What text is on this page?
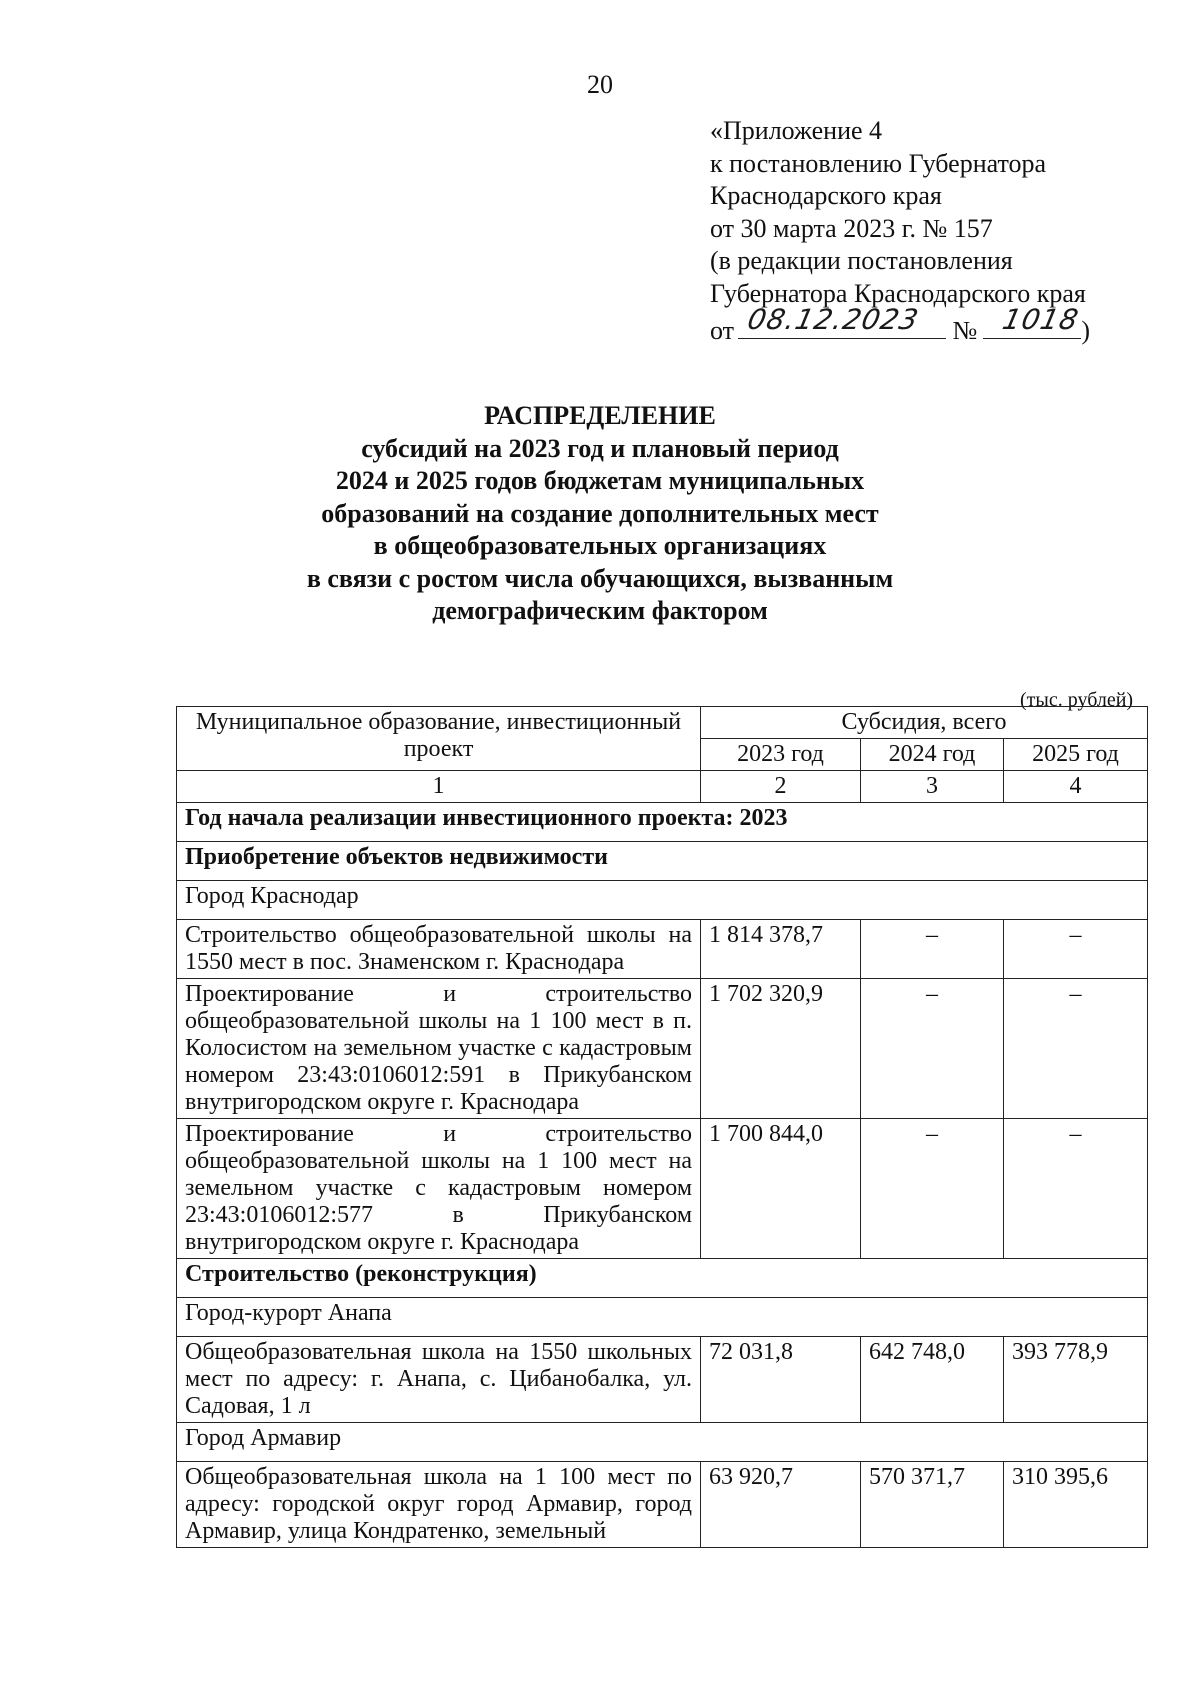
20
«Приложение 4
к постановлению Губернатора
Краснодарского края
от 30 марта 2023 г. № 157
(в редакции постановления
Губернатора Краснодарского края
от 08.12.2023 № 1018 )
РАСПРЕДЕЛЕНИЕ
субсидий на 2023 год и плановый период
2024 и 2025 годов бюджетам муниципальных
образований на создание дополнительных мест
в общеобразовательных организациях
в связи с ростом числа обучающихся, вызванным
демографическим фактором
(тыс. рублей)
Муниципальное образование, инвестиционный проект	Субсидия, всего		
	2023 год	2024 год	2025 год
1	2	3	4
Год начала реализации инвестиционного проекта: 2023			
Приобретение объектов недвижимости			
Город Краснодар			
Строительство общеобразовательной школы на 1550 мест в пос. Знаменском г. Краснодара	1 814 378,7	–	–
Проектирование и строительство общеобразовательной школы на 1 100 мест в п. Колосистом на земельном участке с кадастровым номером 23:43:0106012:591 в Прикубанском внутригородском округе г. Краснодара	1 702 320,9	–	–
Проектирование и строительство общеобразовательной школы на 1 100 мест на земельном участке с кадастровым номером 23:43:0106012:577 в Прикубанском внутригородском округе г. Краснодара	1 700 844,0	–	–
Строительство (реконструкция)			
Город-курорт Анапа			
Общеобразовательная школа на 1550 школьных мест по адресу: г. Анапа, с. Цибанобалка, ул. Садовая, 1 л	72 031,8	642 748,0	393 778,9
Город Армавир			
Общеобразовательная школа на 1 100 мест по адресу: городской округ город Армавир, город Армавир, улица Кондратенко, земельный	63 920,7	570 371,7	310 395,6
